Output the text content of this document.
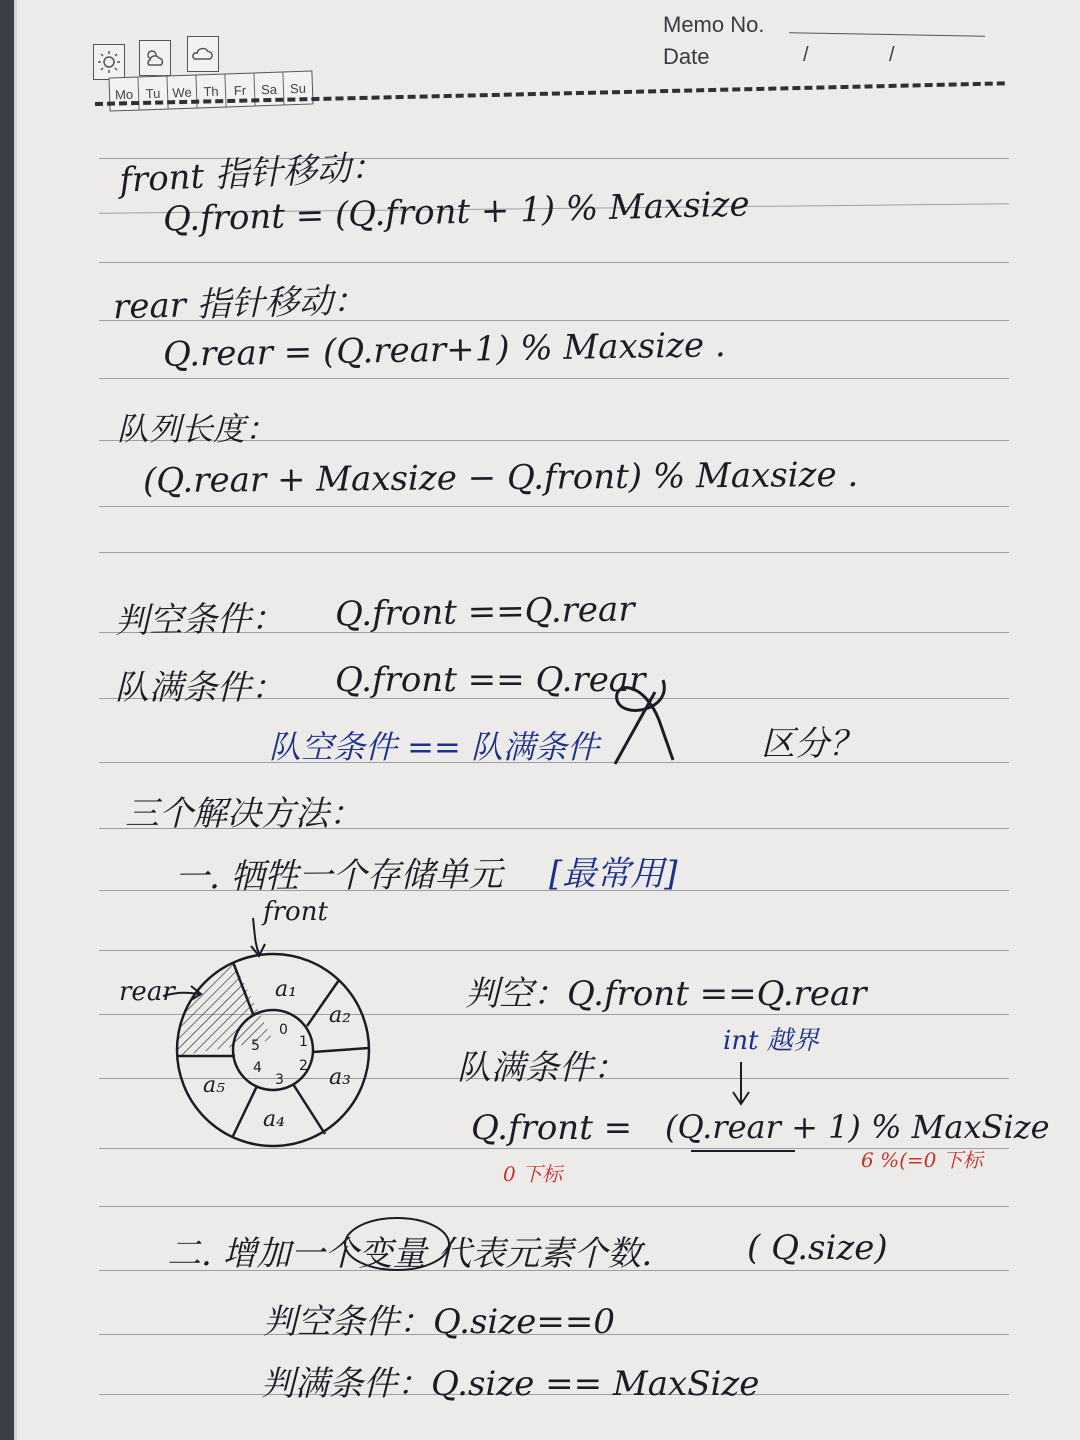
Mo Tu We Th	Fr	Sa Su
Memo No.
Date	/	/
front 指针移动：
Q.front = (Q.front + 1) % Maxsize
rear 指针移动：
Q.rear = (Q.rear+1) % Maxsize .
队列长度：
(Q.rear + Maxsize − Q.front) % Maxsize .
判空条件： Q.front ==Q.rear
队满条件： Q.front == Q.rear
队空条件 == 队满条件	区分？
三个解决方法：
一. 牺牲一个存储单元 [最常用]
front
rear	a₁
a₂
a₃
a₄
a₅
0
1
2
3
4
5
判空：Q.front ==Q.rear
队满条件：
int 越界
Q.front = (Q.rear + 1) % MaxSize
0 下标
6 %(=0 下标
二. 增加一个变量 代表元素个数.	( Q.size)
判空条件：Q.size==0
判满条件：Q.size == MaxSize
